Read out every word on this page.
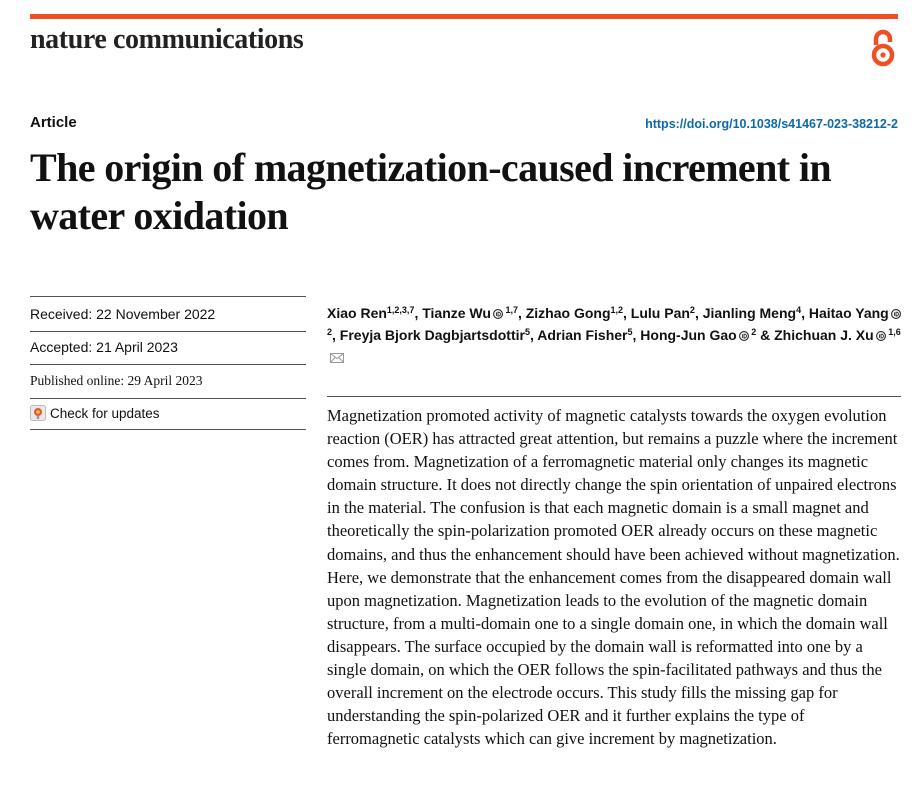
nature communications
Article	https://doi.org/10.1038/s41467-023-38212-2
The origin of magnetization-caused increment in water oxidation
Received: 22 November 2022
Accepted: 21 April 2023
Published online: 29 April 2023
Check for updates

Xiao Ren$^{1,2,3,7}$, Tianze Wu $^{1,7}$, Zizhao Gong$^{1,2}$, Lulu Pan$^2$, Jianling Meng$^4$, Haitao Yang $^2$, Freyja Bjork Dagbjartsdottir$^5$, Adrian Fisher$^5$, Hong-Jun Gao $^2$ & Zhichuan J. Xu $^{1,6}$

Magnetization promoted activity of magnetic catalysts towards the oxygen evolution reaction (OER) has attracted great attention, but remains a puzzle where the increment comes from. Magnetization of a ferromagnetic material only changes its magnetic domain structure. It does not directly change the spin orientation of unpaired electrons in the material. The confusion is that each magnetic domain is a small magnet and theoretically the spin-polarization promoted OER already occurs on these magnetic domains, and thus the enhancement should have been achieved without magnetization. Here, we demonstrate that the enhancement comes from the disappeared domain wall upon magnetization. Magnetization leads to the evolution of the magnetic domain structure, from a multi-domain one to a single domain one, in which the domain wall disappears. The surface occupied by the domain wall is reformatted into one by a single domain, on which the OER follows the spin-facilitated pathways and thus the overall increment on the electrode occurs. This study fills the missing gap for understanding the spin-polarized OER and it further explains the type of ferromagnetic catalysts which can give increment by magnetization.
